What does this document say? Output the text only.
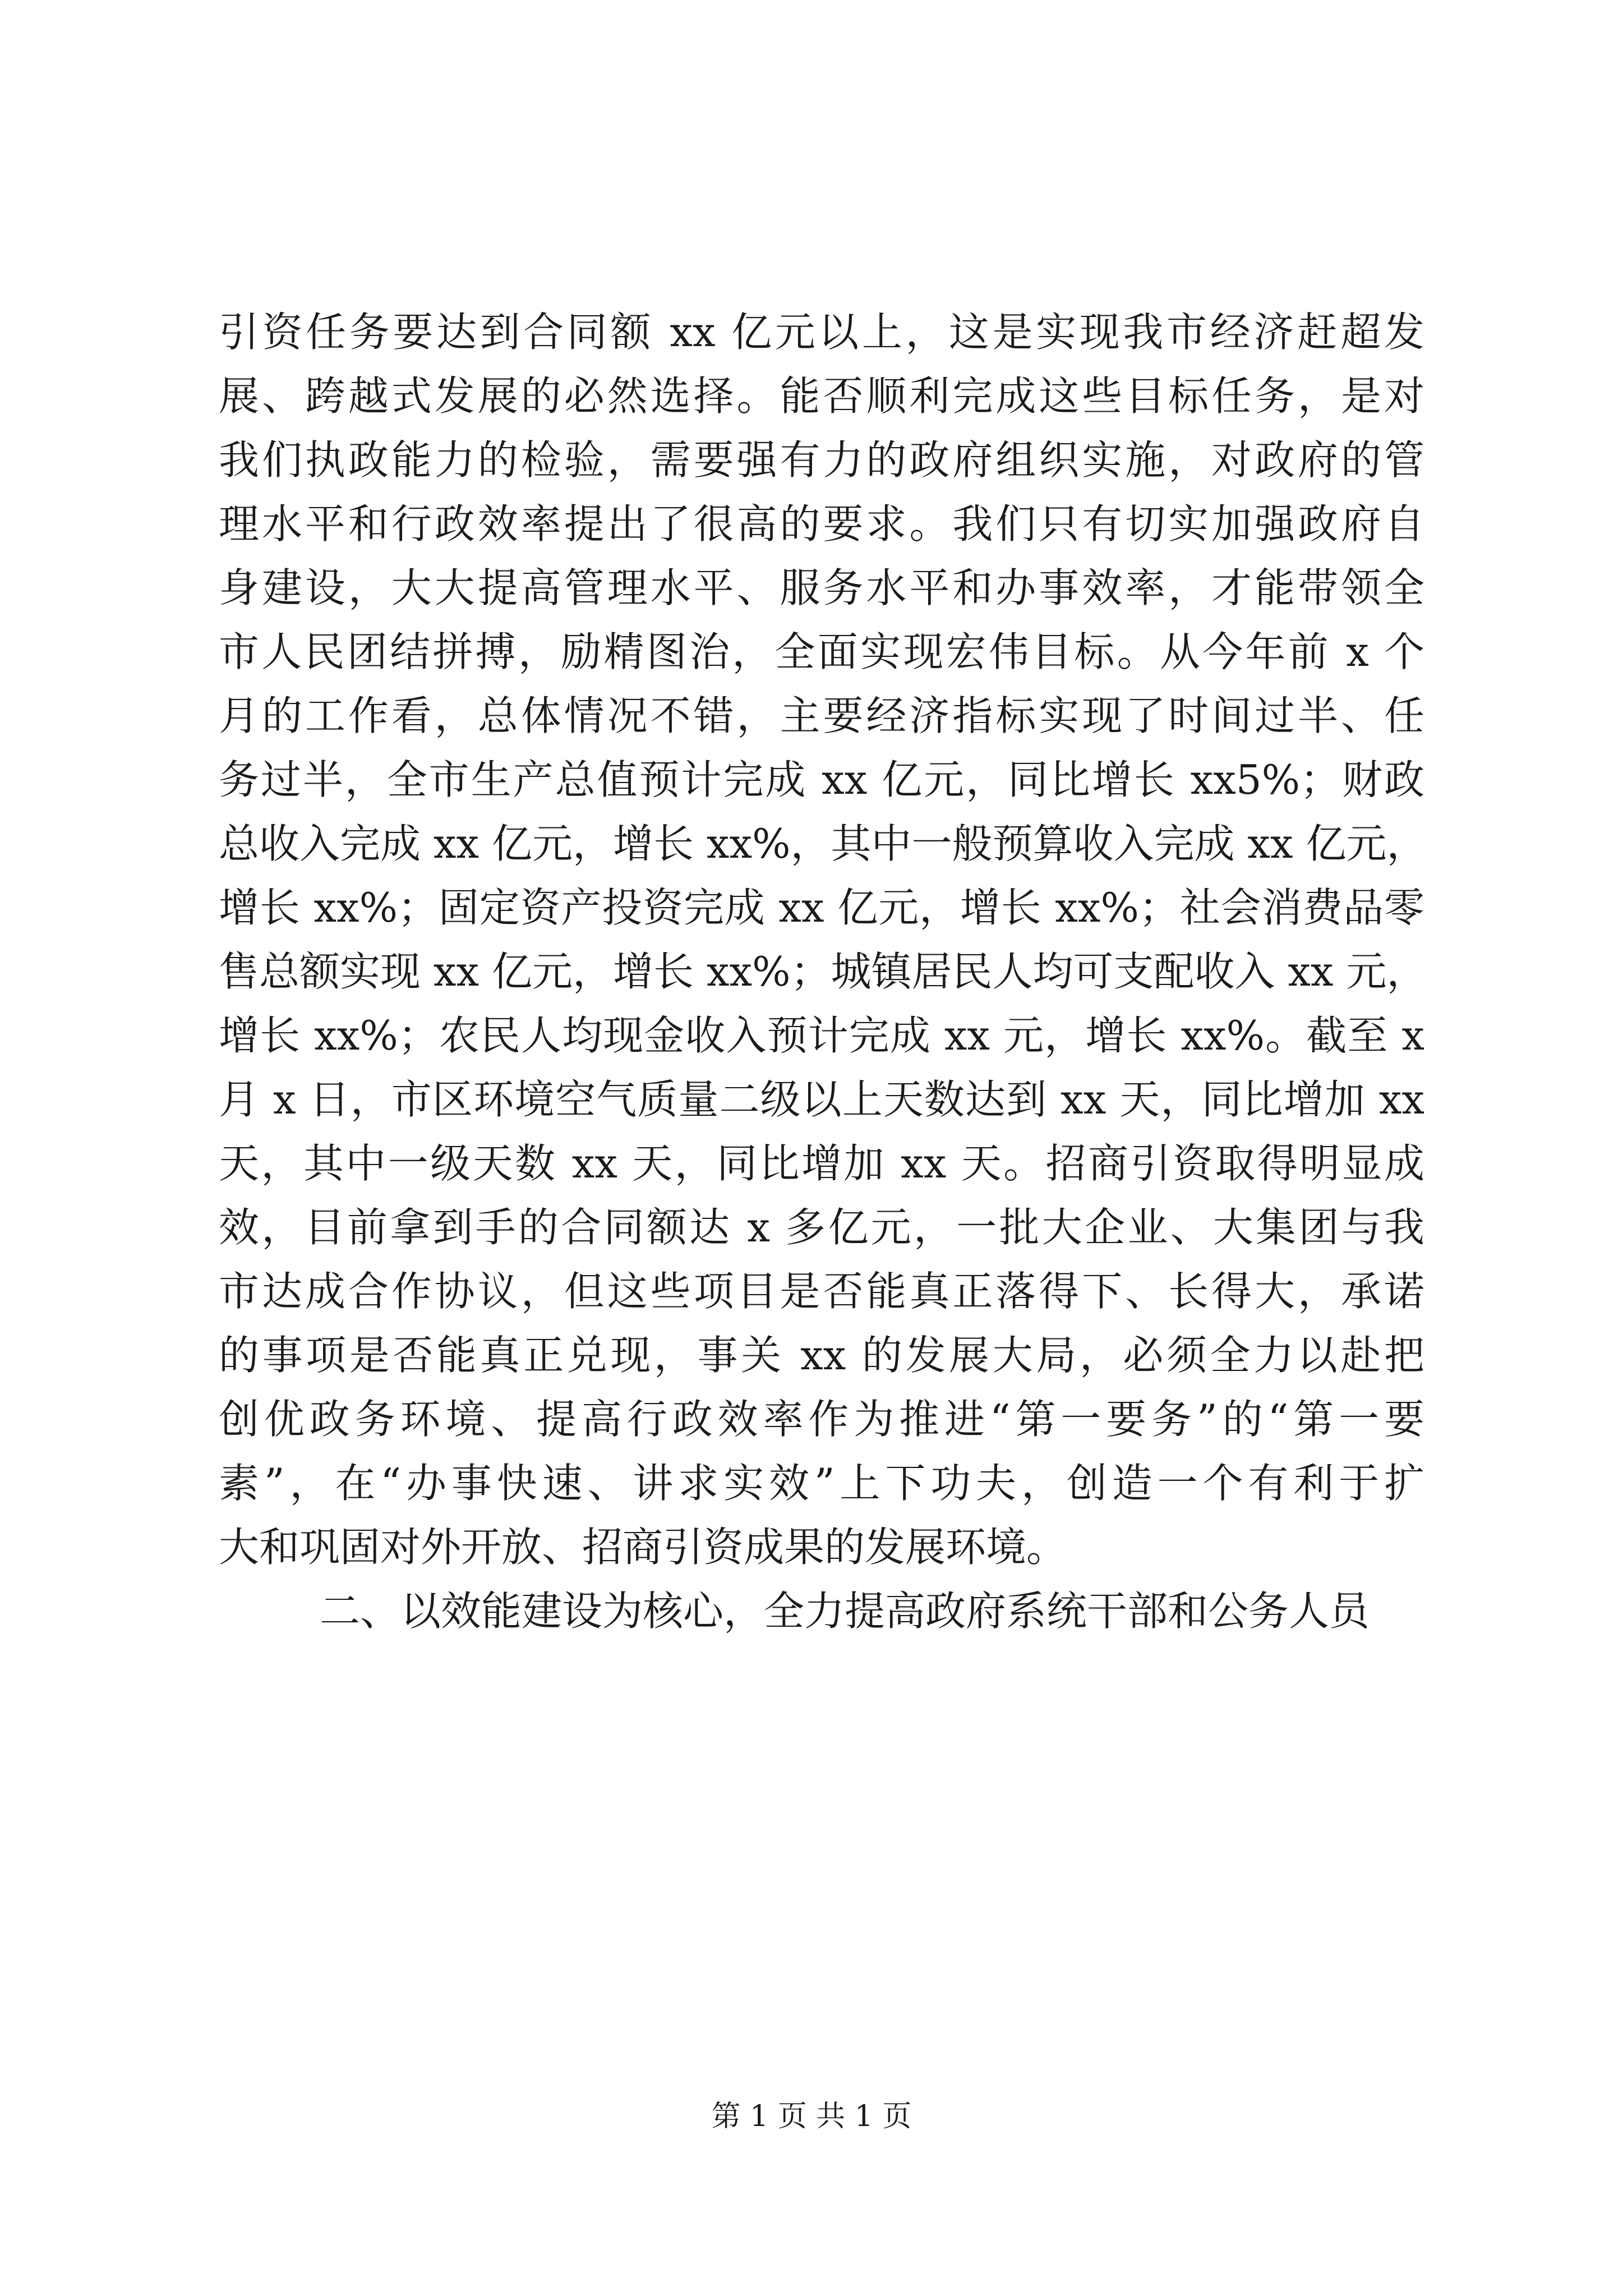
引资任务要达到合同额 xx 亿元以上，这是实现我市经济赶超发
展、跨越式发展的必然选择。能否顺利完成这些目标任务，是对
我们执政能力的检验，需要强有力的政府组织实施，对政府的管
理水平和行政效率提出了很高的要求。我们只有切实加强政府自
身建设，大大提高管理水平、服务水平和办事效率，才能带领全
市人民团结拼搏，励精图治，全面实现宏伟目标。从今年前 x 个
月的工作看，总体情况不错，主要经济指标实现了时间过半、任
务过半，全市生产总值预计完成 xx 亿元，同比增长 xx5%；财政
总收入完成 xx 亿元，增长 xx%，其中一般预算收入完成 xx 亿元，
增长 xx%；固定资产投资完成 xx 亿元，增长 xx%；社会消费品零
售总额实现 xx 亿元，增长 xx%；城镇居民人均可支配收入 xx 元，
增长 xx%；农民人均现金收入预计完成 xx 元，增长 xx%。截至 x
月 x 日，市区环境空气质量二级以上天数达到 xx 天，同比增加 xx
天，其中一级天数 xx 天，同比增加 xx 天。招商引资取得明显成
效，目前拿到手的合同额达 x 多亿元，一批大企业、大集团与我
市达成合作协议，但这些项目是否能真正落得下、长得大，承诺
的事项是否能真正兑现，事关 xx 的发展大局，必须全力以赴把
创优政务环境、提高行政效率作为推进“第一要务”的“第一要
素”，在“办事快速、讲求实效”上下功夫，创造一个有利于扩
大和巩固对外开放、招商引资成果的发展环境。
二、以效能建设为核心，全力提高政府系统干部和公务人员
第 1 页 共 1 页
